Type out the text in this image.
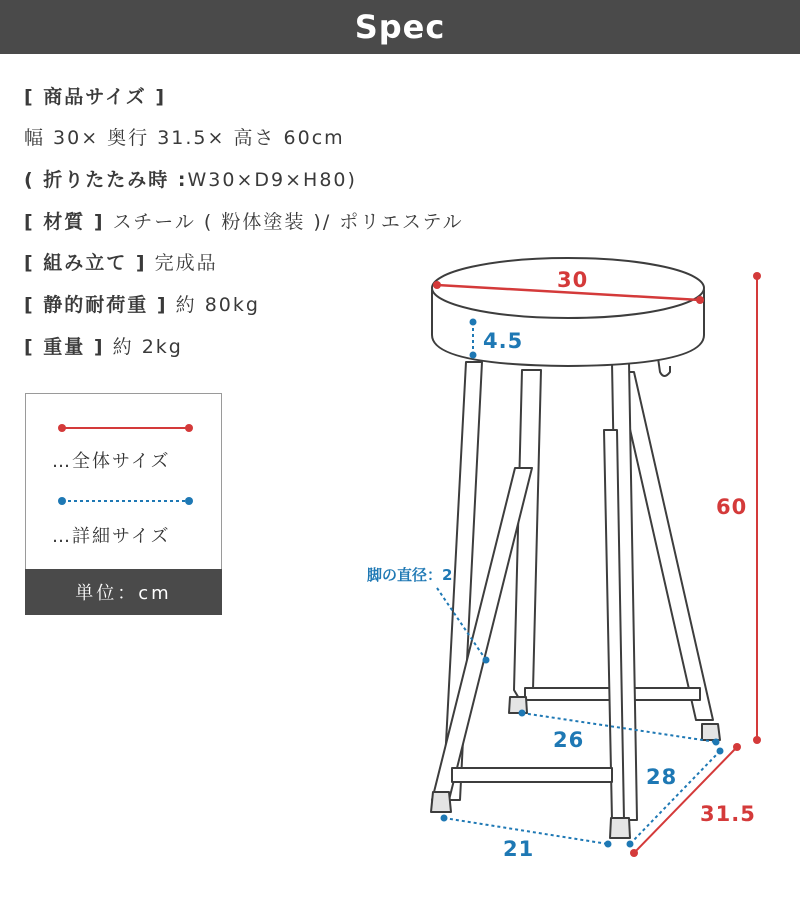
Spec
[ 商品サイズ ]
幅 30× 奥行 31.5× 高さ 60cm
( 折りたたみ時 :W30×D9×H80)
[ 材質 ] スチール ( 粉体塗装 )/ ポリエステル
[ 組み立て ] 完成品
[ 静的耐荷重 ] 約 80kg
[ 重量 ] 約 2kg
…全体サイズ
…詳細サイズ
単位：cm
30
60
31.5
4.5
脚の直径：2
26
28
21
